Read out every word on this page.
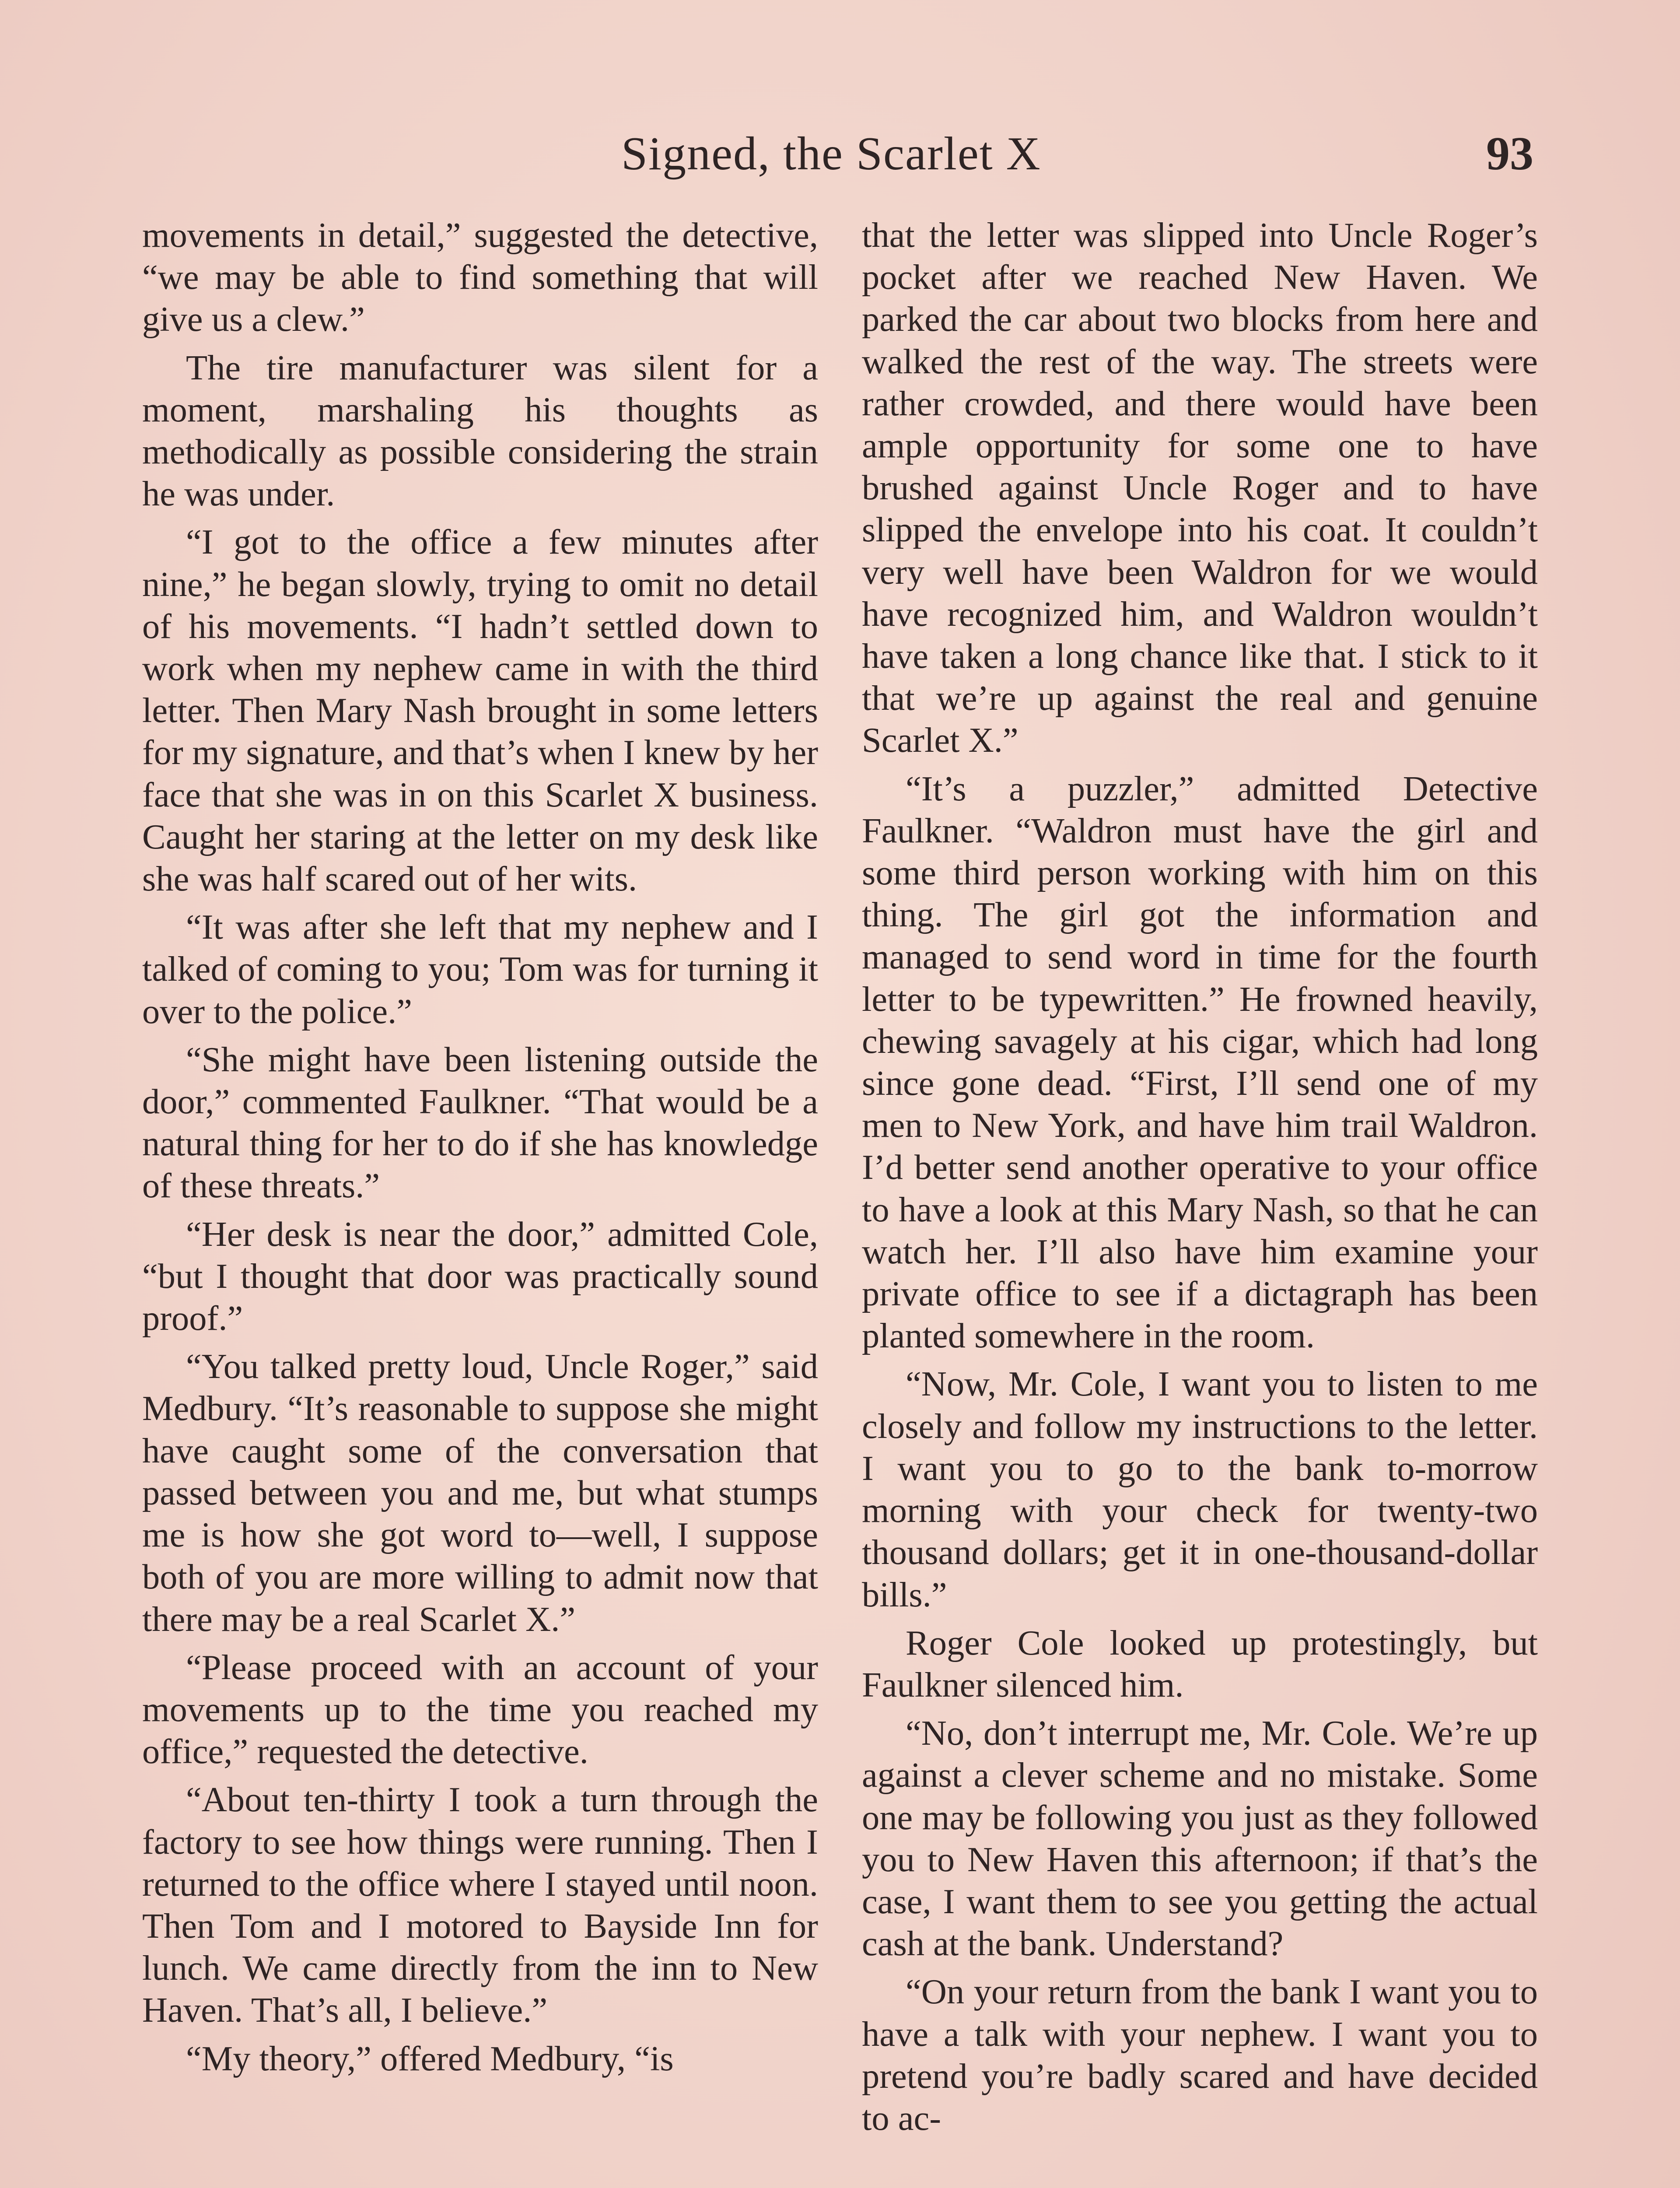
Signed, the Scarlet X	93

movements in detail,” suggested the detective, “we may be able to find something that will give us a clew.”

The tire manufacturer was silent for a moment, marshaling his thoughts as methodically as possible considering the strain he was under.

“I got to the office a few minutes after nine,” he began slowly, trying to omit no detail of his movements. “I hadn’t settled down to work when my nephew came in with the third letter. Then Mary Nash brought in some letters for my signature, and that’s when I knew by her face that she was in on this Scarlet X business. Caught her staring at the letter on my desk like she was half scared out of her wits.

“It was after she left that my nephew and I talked of coming to you; Tom was for turning it over to the police.”

“She might have been listening outside the door,” commented Faulkner. “That would be a natural thing for her to do if she has knowledge of these threats.”

“Her desk is near the door,” admitted Cole, “but I thought that door was practically sound proof.”

“You talked pretty loud, Uncle Roger,” said Medbury. “It’s reasonable to suppose she might have caught some of the conversation that passed between you and me, but what stumps me is how she got word to—well, I suppose both of you are more willing to admit now that there may be a real Scarlet X.”

“Please proceed with an account of your movements up to the time you reached my office,” requested the detective.

“About ten-thirty I took a turn through the factory to see how things were running. Then I returned to the office where I stayed until noon. Then Tom and I motored to Bayside Inn for lunch. We came directly from the inn to New Haven. That’s all, I believe.”

“My theory,” offered Medbury, “is

that the letter was slipped into Uncle Roger’s pocket after we reached New Haven. We parked the car about two blocks from here and walked the rest of the way. The streets were rather crowded, and there would have been ample opportunity for some one to have brushed against Uncle Roger and to have slipped the envelope into his coat. It couldn’t very well have been Waldron for we would have recognized him, and Waldron wouldn’t have taken a long chance like that. I stick to it that we’re up against the real and genuine Scarlet X.”

“It’s a puzzler,” admitted Detective Faulkner. “Waldron must have the girl and some third person working with him on this thing. The girl got the information and managed to send word in time for the fourth letter to be typewritten.” He frowned heavily, chewing savagely at his cigar, which had long since gone dead. “First, I’ll send one of my men to New York, and have him trail Waldron. I’d better send another operative to your office to have a look at this Mary Nash, so that he can watch her. I’ll also have him examine your private office to see if a dictagraph has been planted somewhere in the room.

“Now, Mr. Cole, I want you to listen to me closely and follow my instructions to the letter. I want you to go to the bank to-morrow morning with your check for twenty-two thousand dollars; get it in one-thousand-dollar bills.”

Roger Cole looked up protestingly, but Faulkner silenced him.

“No, don’t interrupt me, Mr. Cole. We’re up against a clever scheme and no mistake. Some one may be following you just as they followed you to New Haven this afternoon; if that’s the case, I want them to see you getting the actual cash at the bank. Understand?

“On your return from the bank I want you to have a talk with your nephew. I want you to pretend you’re badly scared and have decided to ac-
